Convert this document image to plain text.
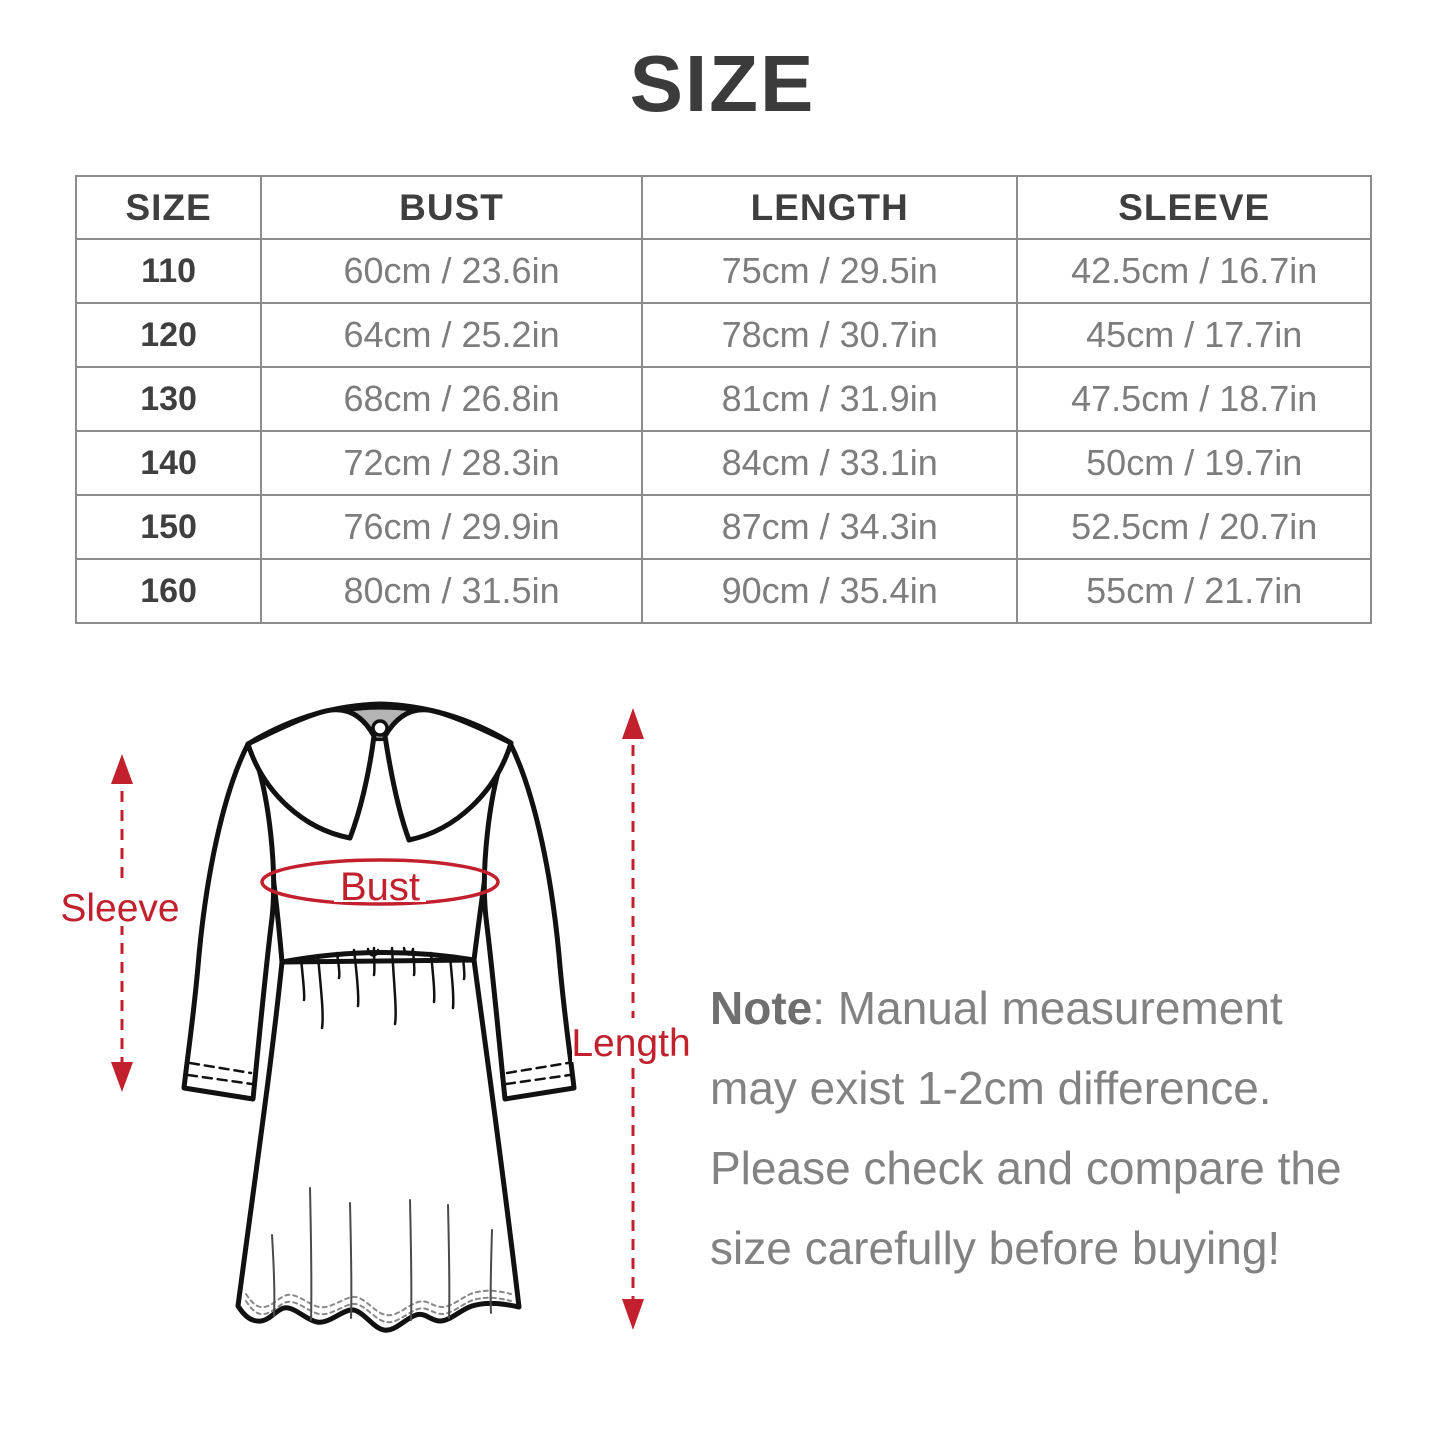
SIZE
SIZE	BUST	LENGTH	SLEEVE
110	60cm / 23.6in	75cm / 29.5in	42.5cm / 16.7in
120	64cm / 25.2in	78cm / 30.7in	45cm / 17.7in
130	68cm / 26.8in	81cm / 31.9in	47.5cm / 18.7in
140	72cm / 28.3in	84cm / 33.1in	50cm / 19.7in
150	76cm / 29.9in	87cm / 34.3in	52.5cm / 20.7in
160	80cm / 31.5in	90cm / 35.4in	55cm / 21.7in
Bust
Sleeve
Length
Note: Manual measurement may exist 1-2cm difference. Please check and compare the size carefully before buying!
